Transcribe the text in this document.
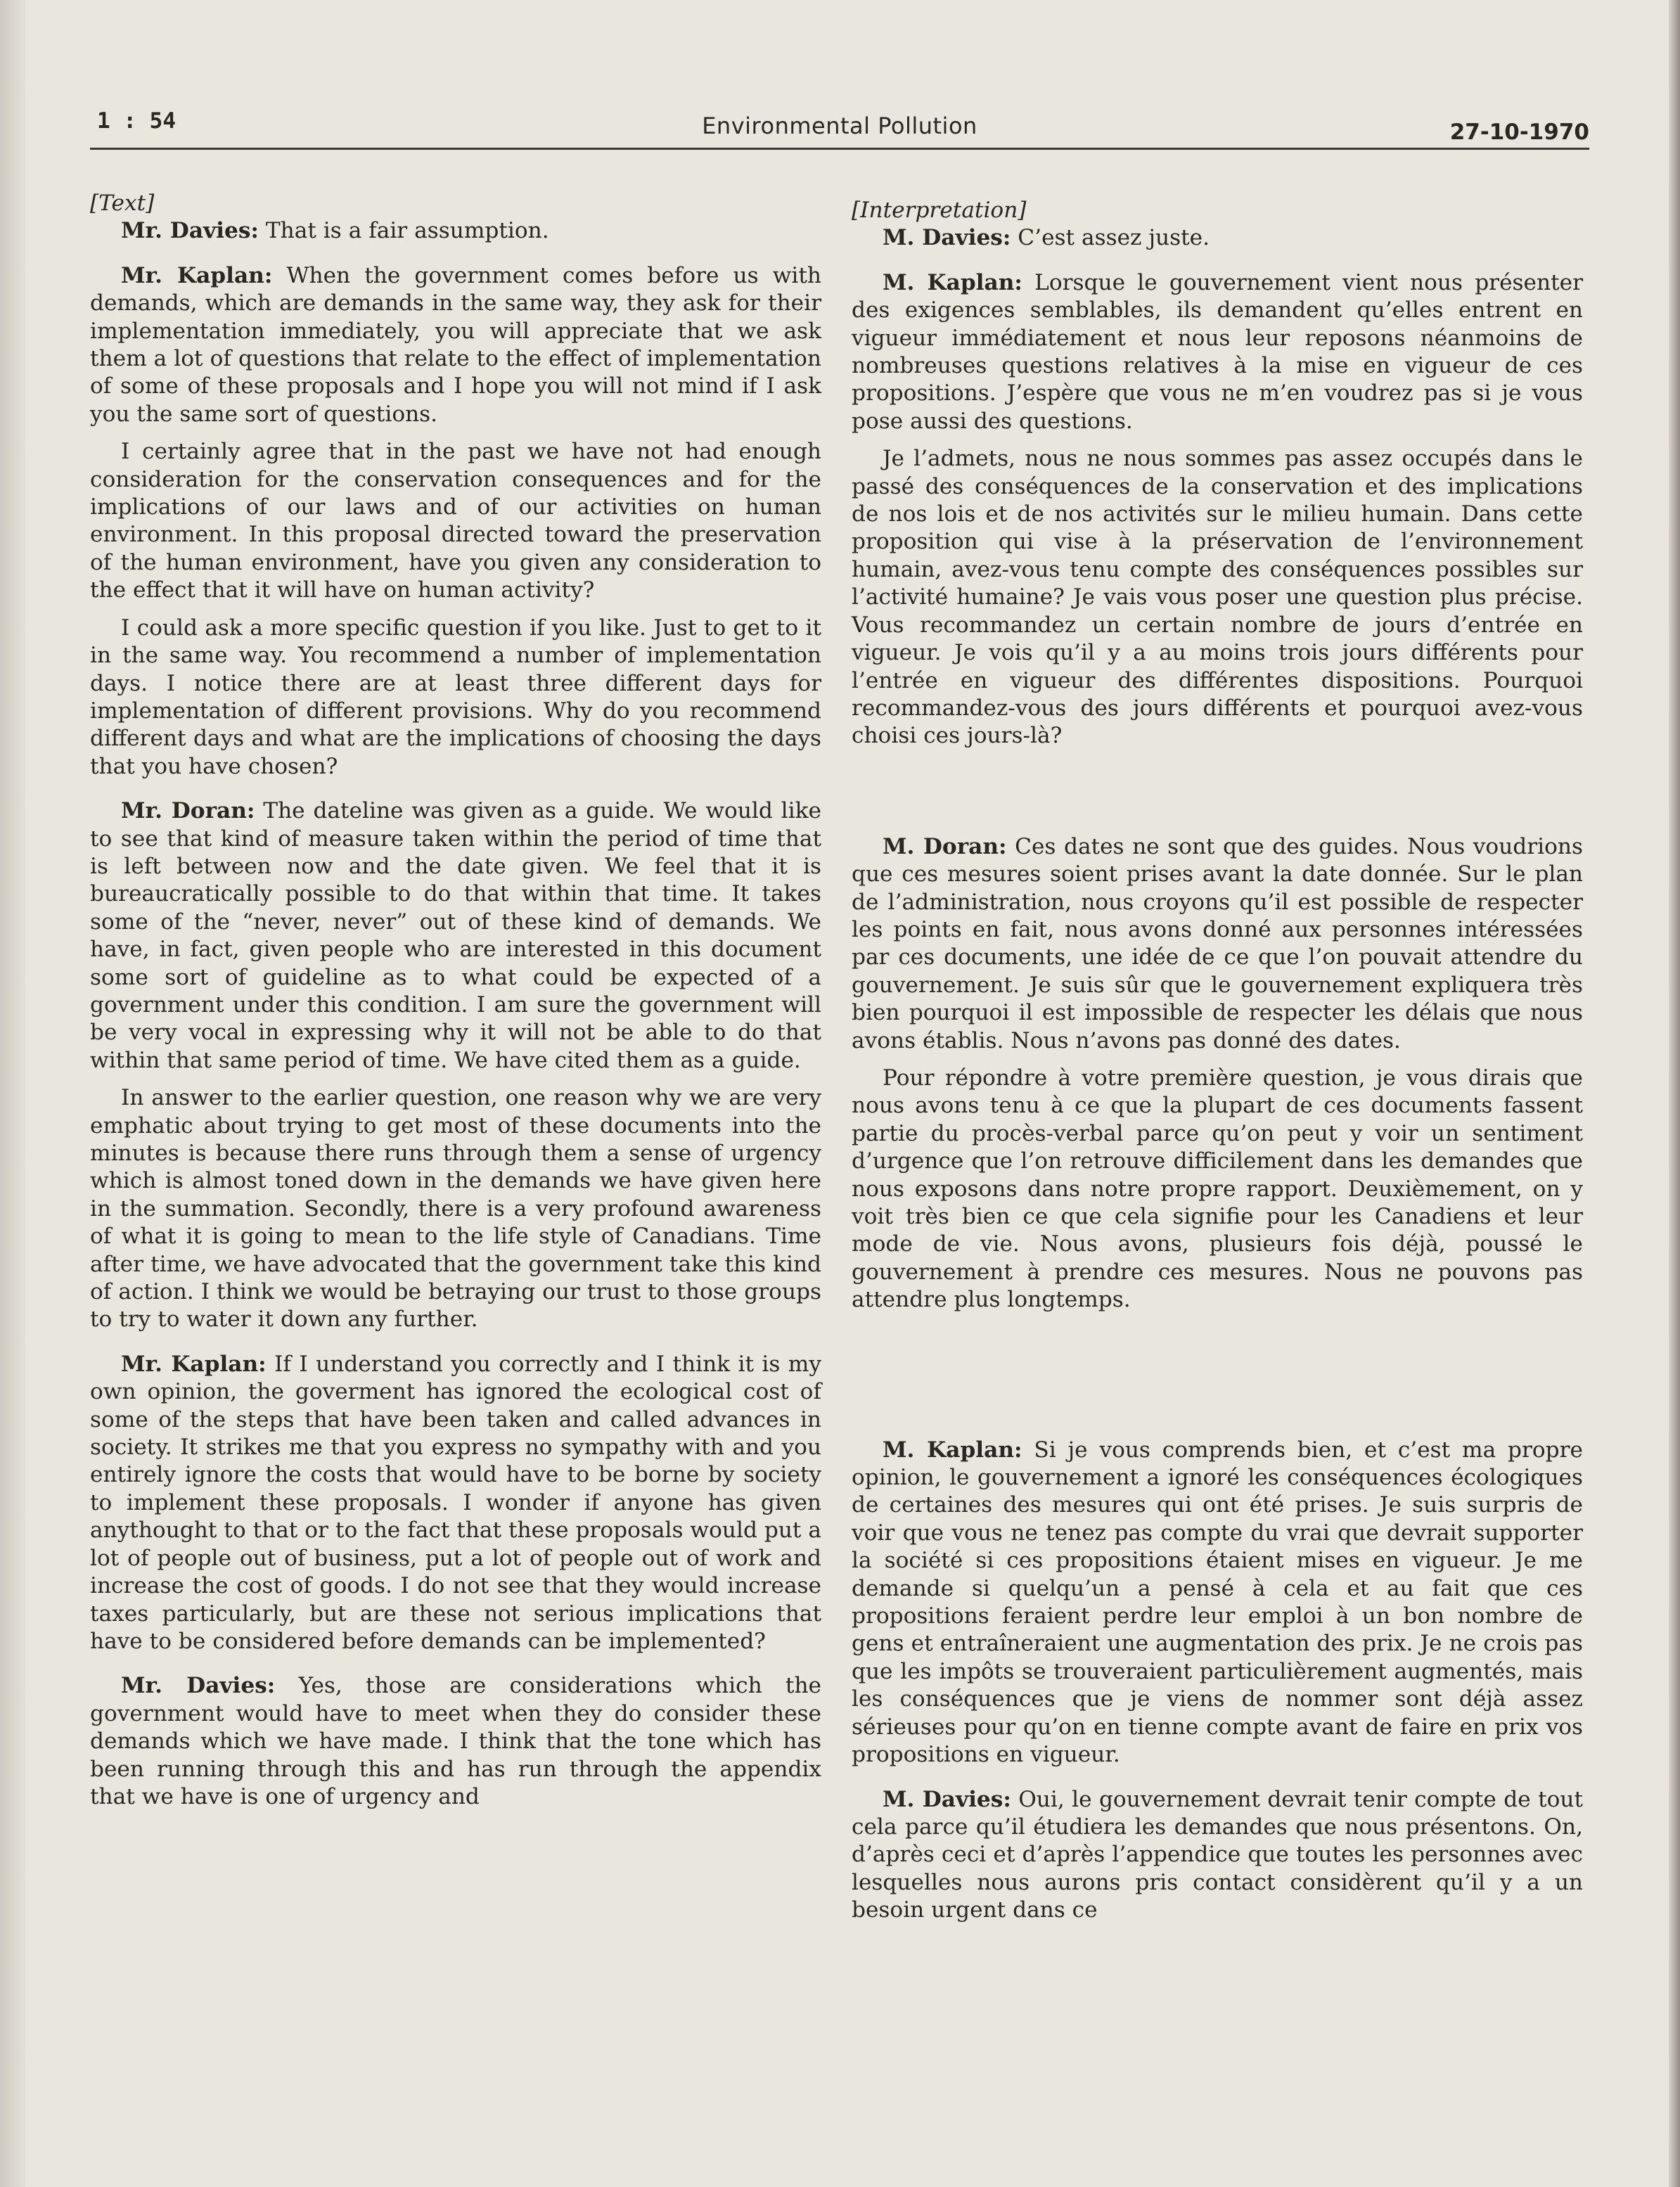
1 : 54	Environmental Pollution	27-10-1970

[Text]

Mr. Davies: That is a fair assumption.

Mr. Kaplan: When the government comes before us with demands, which are demands in the same way, they ask for their implementation immediately, you will appreciate that we ask them a lot of questions that relate to the effect of implementation of some of these proposals and I hope you will not mind if I ask you the same sort of questions.

I certainly agree that in the past we have not had enough consideration for the conservation consequences and for the implications of our laws and of our activities on human environment. In this proposal directed toward the preservation of the human environment, have you given any consideration to the effect that it will have on human activity?

I could ask a more specific question if you like. Just to get to it in the same way. You recommend a number of implementation days. I notice there are at least three different days for implementation of different provisions. Why do you recommend different days and what are the implications of choosing the days that you have chosen?

Mr. Doran: The dateline was given as a guide. We would like to see that kind of measure taken within the period of time that is left between now and the date given. We feel that it is bureaucratically possible to do that within that time. It takes some of the “never, never” out of these kind of demands. We have, in fact, given people who are interested in this document some sort of guideline as to what could be expected of a government under this condition. I am sure the government will be very vocal in expressing why it will not be able to do that within that same period of time. We have cited them as a guide.

In answer to the earlier question, one reason why we are very emphatic about trying to get most of these documents into the minutes is because there runs through them a sense of urgency which is almost toned down in the demands we have given here in the summation. Secondly, there is a very profound awareness of what it is going to mean to the life style of Canadians. Time after time, we have advocated that the government take this kind of action. I think we would be betraying our trust to those groups to try to water it down any further.

Mr. Kaplan: If I understand you correctly and I think it is my own opinion, the goverment has ignored the ecological cost of some of the steps that have been taken and called advances in society. It strikes me that you express no sympathy with and you entirely ignore the costs that would have to be borne by society to implement these proposals. I wonder if anyone has given anythought to that or to the fact that these proposals would put a lot of people out of business, put a lot of people out of work and increase the cost of goods. I do not see that they would increase taxes particularly, but are these not serious implications that have to be considered before demands can be implemented?

Mr. Davies: Yes, those are considerations which the government would have to meet when they do consider these demands which we have made. I think that the tone which has been running through this and has run through the appendix that we have is one of urgency and

[Interpretation]

M. Davies: C’est assez juste.

M. Kaplan: Lorsque le gouvernement vient nous présenter des exigences semblables, ils demandent qu’elles entrent en vigueur immédiatement et nous leur reposons néanmoins de nombreuses questions relatives à la mise en vigueur de ces propositions. J’espère que vous ne m’en voudrez pas si je vous pose aussi des questions.

Je l’admets, nous ne nous sommes pas assez occupés dans le passé des conséquences de la conservation et des implications de nos lois et de nos activités sur le milieu humain. Dans cette proposition qui vise à la préservation de l’environnement humain, avez-vous tenu compte des conséquences possibles sur l’activité humaine? Je vais vous poser une question plus précise. Vous recommandez un certain nombre de jours d’entrée en vigueur. Je vois qu’il y a au moins trois jours différents pour l’entrée en vigueur des différentes dispositions. Pourquoi recommandez-vous des jours différents et pourquoi avez-vous choisi ces jours-là?

M. Doran: Ces dates ne sont que des guides. Nous voudrions que ces mesures soient prises avant la date donnée. Sur le plan de l’administration, nous croyons qu’il est possible de respecter les points en fait, nous avons donné aux personnes intéressées par ces documents, une idée de ce que l’on pouvait attendre du gouvernement. Je suis sûr que le gouvernement expliquera très bien pourquoi il est impossible de respecter les délais que nous avons établis. Nous n’avons pas donné des dates.

Pour répondre à votre première question, je vous dirais que nous avons tenu à ce que la plupart de ces documents fassent partie du procès-verbal parce qu’on peut y voir un sentiment d’urgence que l’on retrouve difficilement dans les demandes que nous exposons dans notre propre rapport. Deuxièmement, on y voit très bien ce que cela signifie pour les Canadiens et leur mode de vie. Nous avons, plusieurs fois déjà, poussé le gouvernement à prendre ces mesures. Nous ne pouvons pas attendre plus longtemps.

M. Kaplan: Si je vous comprends bien, et c’est ma propre opinion, le gouvernement a ignoré les conséquences écologiques de certaines des mesures qui ont été prises. Je suis surpris de voir que vous ne tenez pas compte du vrai que devrait supporter la société si ces propositions étaient mises en vigueur. Je me demande si quelqu’un a pensé à cela et au fait que ces propositions feraient perdre leur emploi à un bon nombre de gens et entraîneraient une augmentation des prix. Je ne crois pas que les impôts se trouveraient particulièrement augmentés, mais les conséquences que je viens de nommer sont déjà assez sérieuses pour qu’on en tienne compte avant de faire en prix vos propositions en vigueur.

M. Davies: Oui, le gouvernement devrait tenir compte de tout cela parce qu’il étudiera les demandes que nous présentons. On, d’après ceci et d’après l’appendice que toutes les personnes avec lesquelles nous aurons pris contact considèrent qu’il y a un besoin urgent dans ce
